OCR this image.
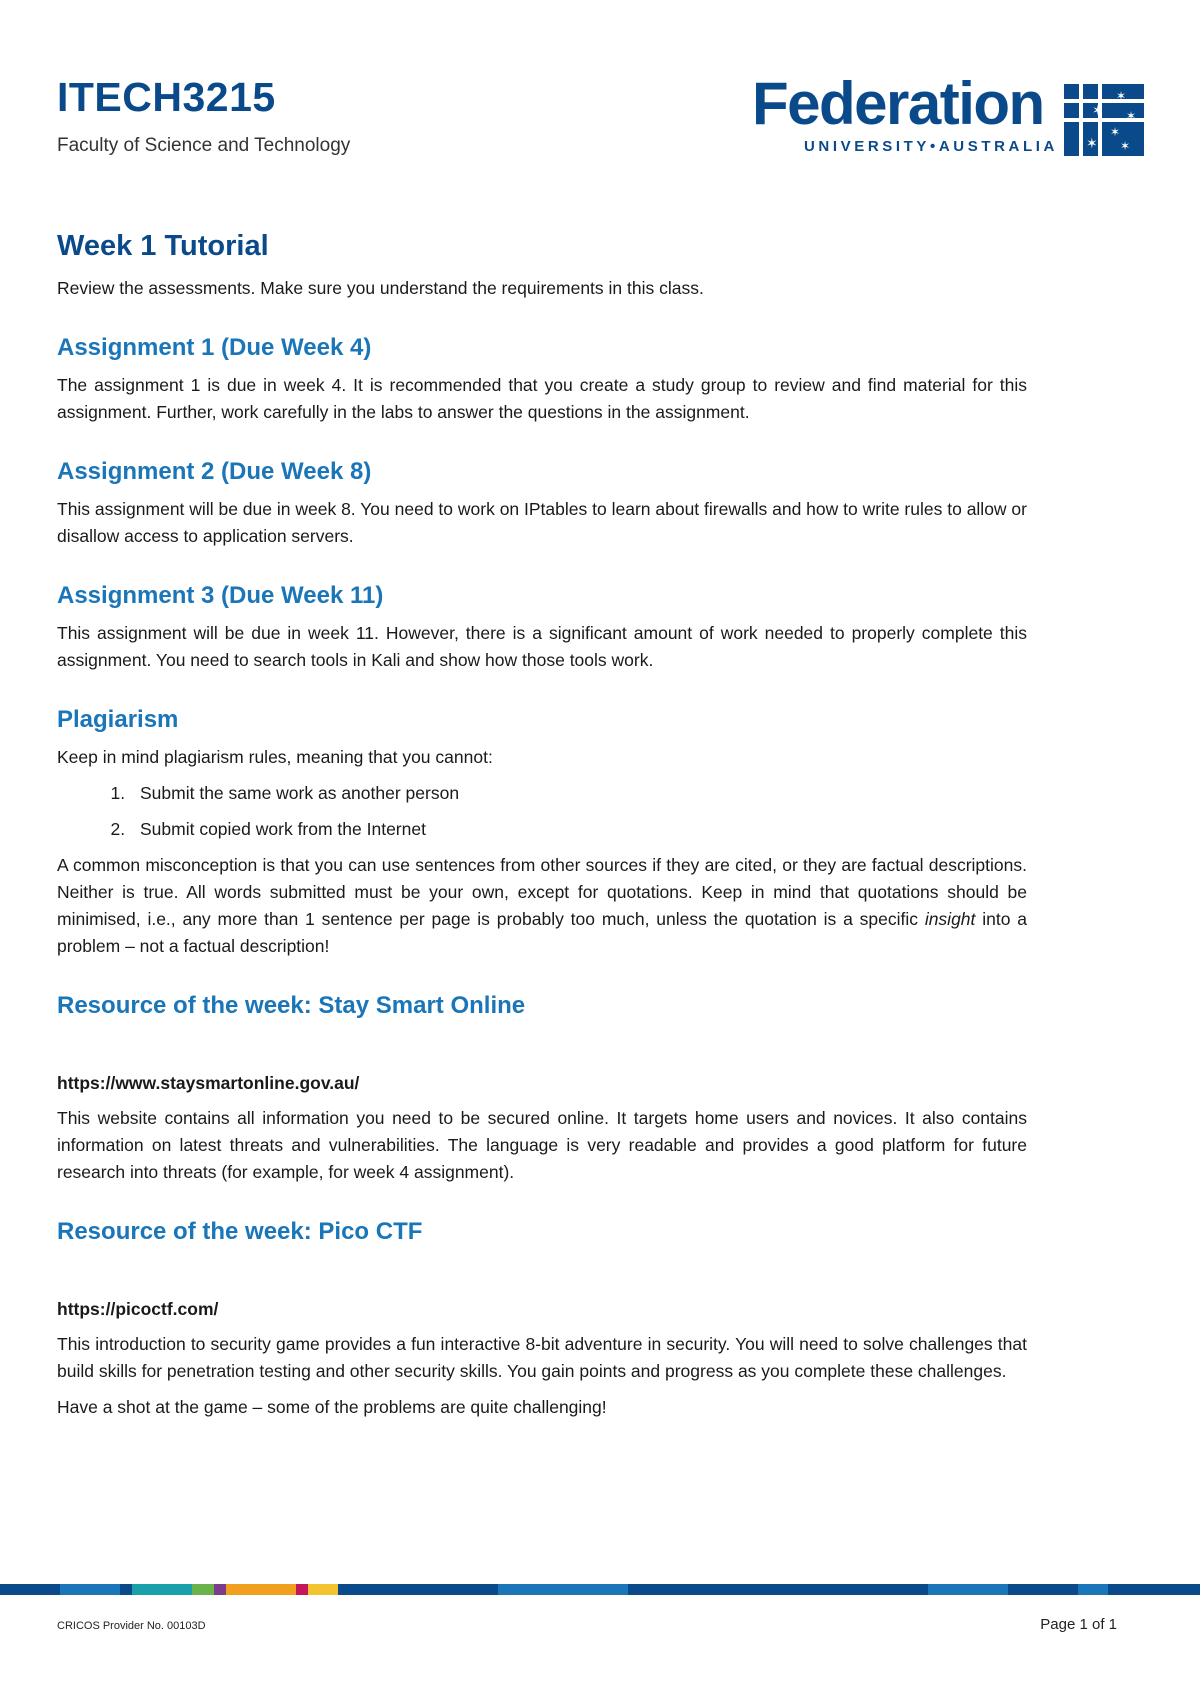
ITECH3215
Faculty of Science and Technology
Federation
UNIVERSITY•AUSTRALIA
✶
✶
✶
✶
✶
✶
Week 1 Tutorial

Review the assessments. Make sure you understand the requirements in this class.

Assignment 1 (Due Week 4)

The assignment 1 is due in week 4. It is recommended that you create a study group to review and find material for this assignment. Further, work carefully in the labs to answer the questions in the assignment.

Assignment 2 (Due Week 8)

This assignment will be due in week 8. You need to work on IPtables to learn about firewalls and how to write rules to allow or disallow access to application servers.

Assignment 3 (Due Week 11)

This assignment will be due in week 11. However, there is a significant amount of work needed to properly complete this assignment. You need to search tools in Kali and show how those tools work.

Plagiarism

Keep in mind plagiarism rules, meaning that you cannot:

1. Submit the same work as another person
2. Submit copied work from the Internet

A common misconception is that you can use sentences from other sources if they are cited, or they are factual descriptions. Neither is true. All words submitted must be your own, except for quotations. Keep in mind that quotations should be minimised, i.e., any more than 1 sentence per page is probably too much, unless the quotation is a specific insight into a problem – not a factual description!

Resource of the week: Stay Smart Online

https://www.staysmartonline.gov.au/

This website contains all information you need to be secured online. It targets home users and novices. It also contains information on latest threats and vulnerabilities. The language is very readable and provides a good platform for future research into threats (for example, for week 4 assignment).

Resource of the week: Pico CTF

https://picoctf.com/

This introduction to security game provides a fun interactive 8-bit adventure in security. You will need to solve challenges that build skills for penetration testing and other security skills. You gain points and progress as you complete these challenges.

Have a shot at the game – some of the problems are quite challenging!

CRICOS Provider No. 00103D	Page 1 of 1
